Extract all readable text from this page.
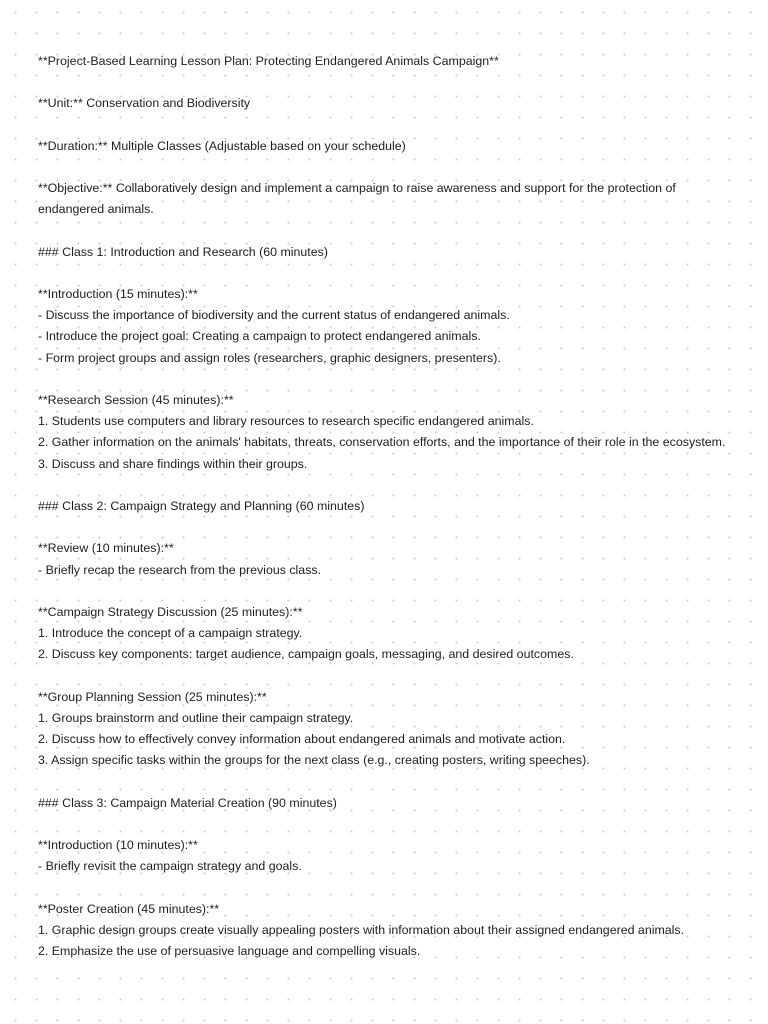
**Project-Based Learning Lesson Plan: Protecting Endangered Animals Campaign**
**Unit:** Conservation and Biodiversity
**Duration:** Multiple Classes (Adjustable based on your schedule)
**Objective:** Collaboratively design and implement a campaign to raise awareness and support for the protection of endangered animals.
### Class 1: Introduction and Research (60 minutes)
**Introduction (15 minutes):**
- Discuss the importance of biodiversity and the current status of endangered animals.
- Introduce the project goal: Creating a campaign to protect endangered animals.
- Form project groups and assign roles (researchers, graphic designers, presenters).
**Research Session (45 minutes):**
1. Students use computers and library resources to research specific endangered animals.
2. Gather information on the animals' habitats, threats, conservation efforts, and the importance of their role in the ecosystem.
3. Discuss and share findings within their groups.
### Class 2: Campaign Strategy and Planning (60 minutes)
**Review (10 minutes):**
- Briefly recap the research from the previous class.
**Campaign Strategy Discussion (25 minutes):**
1. Introduce the concept of a campaign strategy.
2. Discuss key components: target audience, campaign goals, messaging, and desired outcomes.
**Group Planning Session (25 minutes):**
1. Groups brainstorm and outline their campaign strategy.
2. Discuss how to effectively convey information about endangered animals and motivate action.
3. Assign specific tasks within the groups for the next class (e.g., creating posters, writing speeches).
### Class 3: Campaign Material Creation (90 minutes)
**Introduction (10 minutes):**
- Briefly revisit the campaign strategy and goals.
**Poster Creation (45 minutes):**
1. Graphic design groups create visually appealing posters with information about their assigned endangered animals.
2. Emphasize the use of persuasive language and compelling visuals.
